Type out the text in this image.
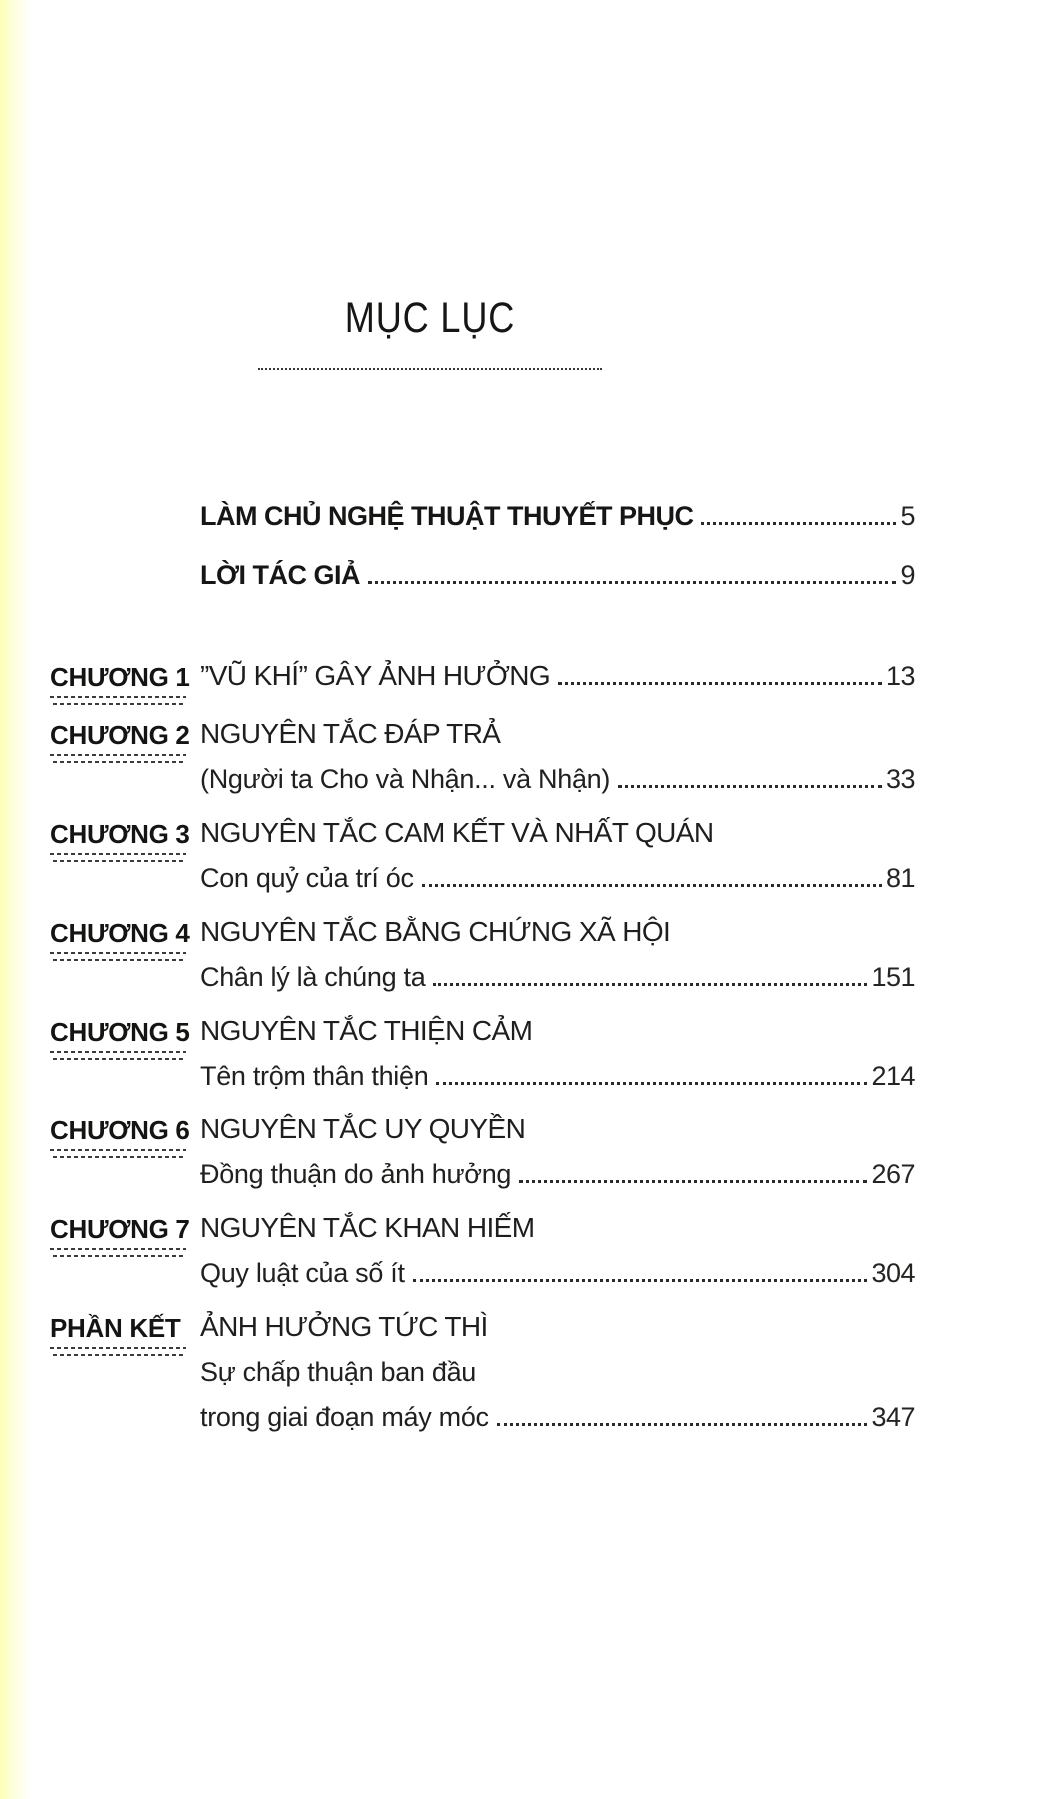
MỤC LỤC
LÀM CHỦ NGHỆ THUẬT THUYẾT PHỤC	5
LỜI TÁC GIẢ	9
CHƯƠNG 1 ”VŨ KHÍ” GÂY ẢNH HƯỞNG	13
CHƯƠNG 2 NGUYÊN TẮC ĐÁP TRẢ
(Người ta Cho và Nhận... và Nhận)	33
CHƯƠNG 3 NGUYÊN TẮC CAM KẾT VÀ NHẤT QUÁN
Con quỷ của trí óc	81
CHƯƠNG 4 NGUYÊN TẮC BẰNG CHỨNG XÃ HỘI
Chân lý là chúng ta	151
CHƯƠNG 5 NGUYÊN TẮC THIỆN CẢM
Tên trộm thân thiện	214
CHƯƠNG 6 NGUYÊN TẮC UY QUYỀN
Đồng thuận do ảnh hưởng	267
CHƯƠNG 7 NGUYÊN TẮC KHAN HIẾM
Quy luật của số ít	304
PHẦN KẾT ẢNH HƯỞNG TỨC THÌ
Sự chấp thuận ban đầu
trong giai đoạn máy móc	347
